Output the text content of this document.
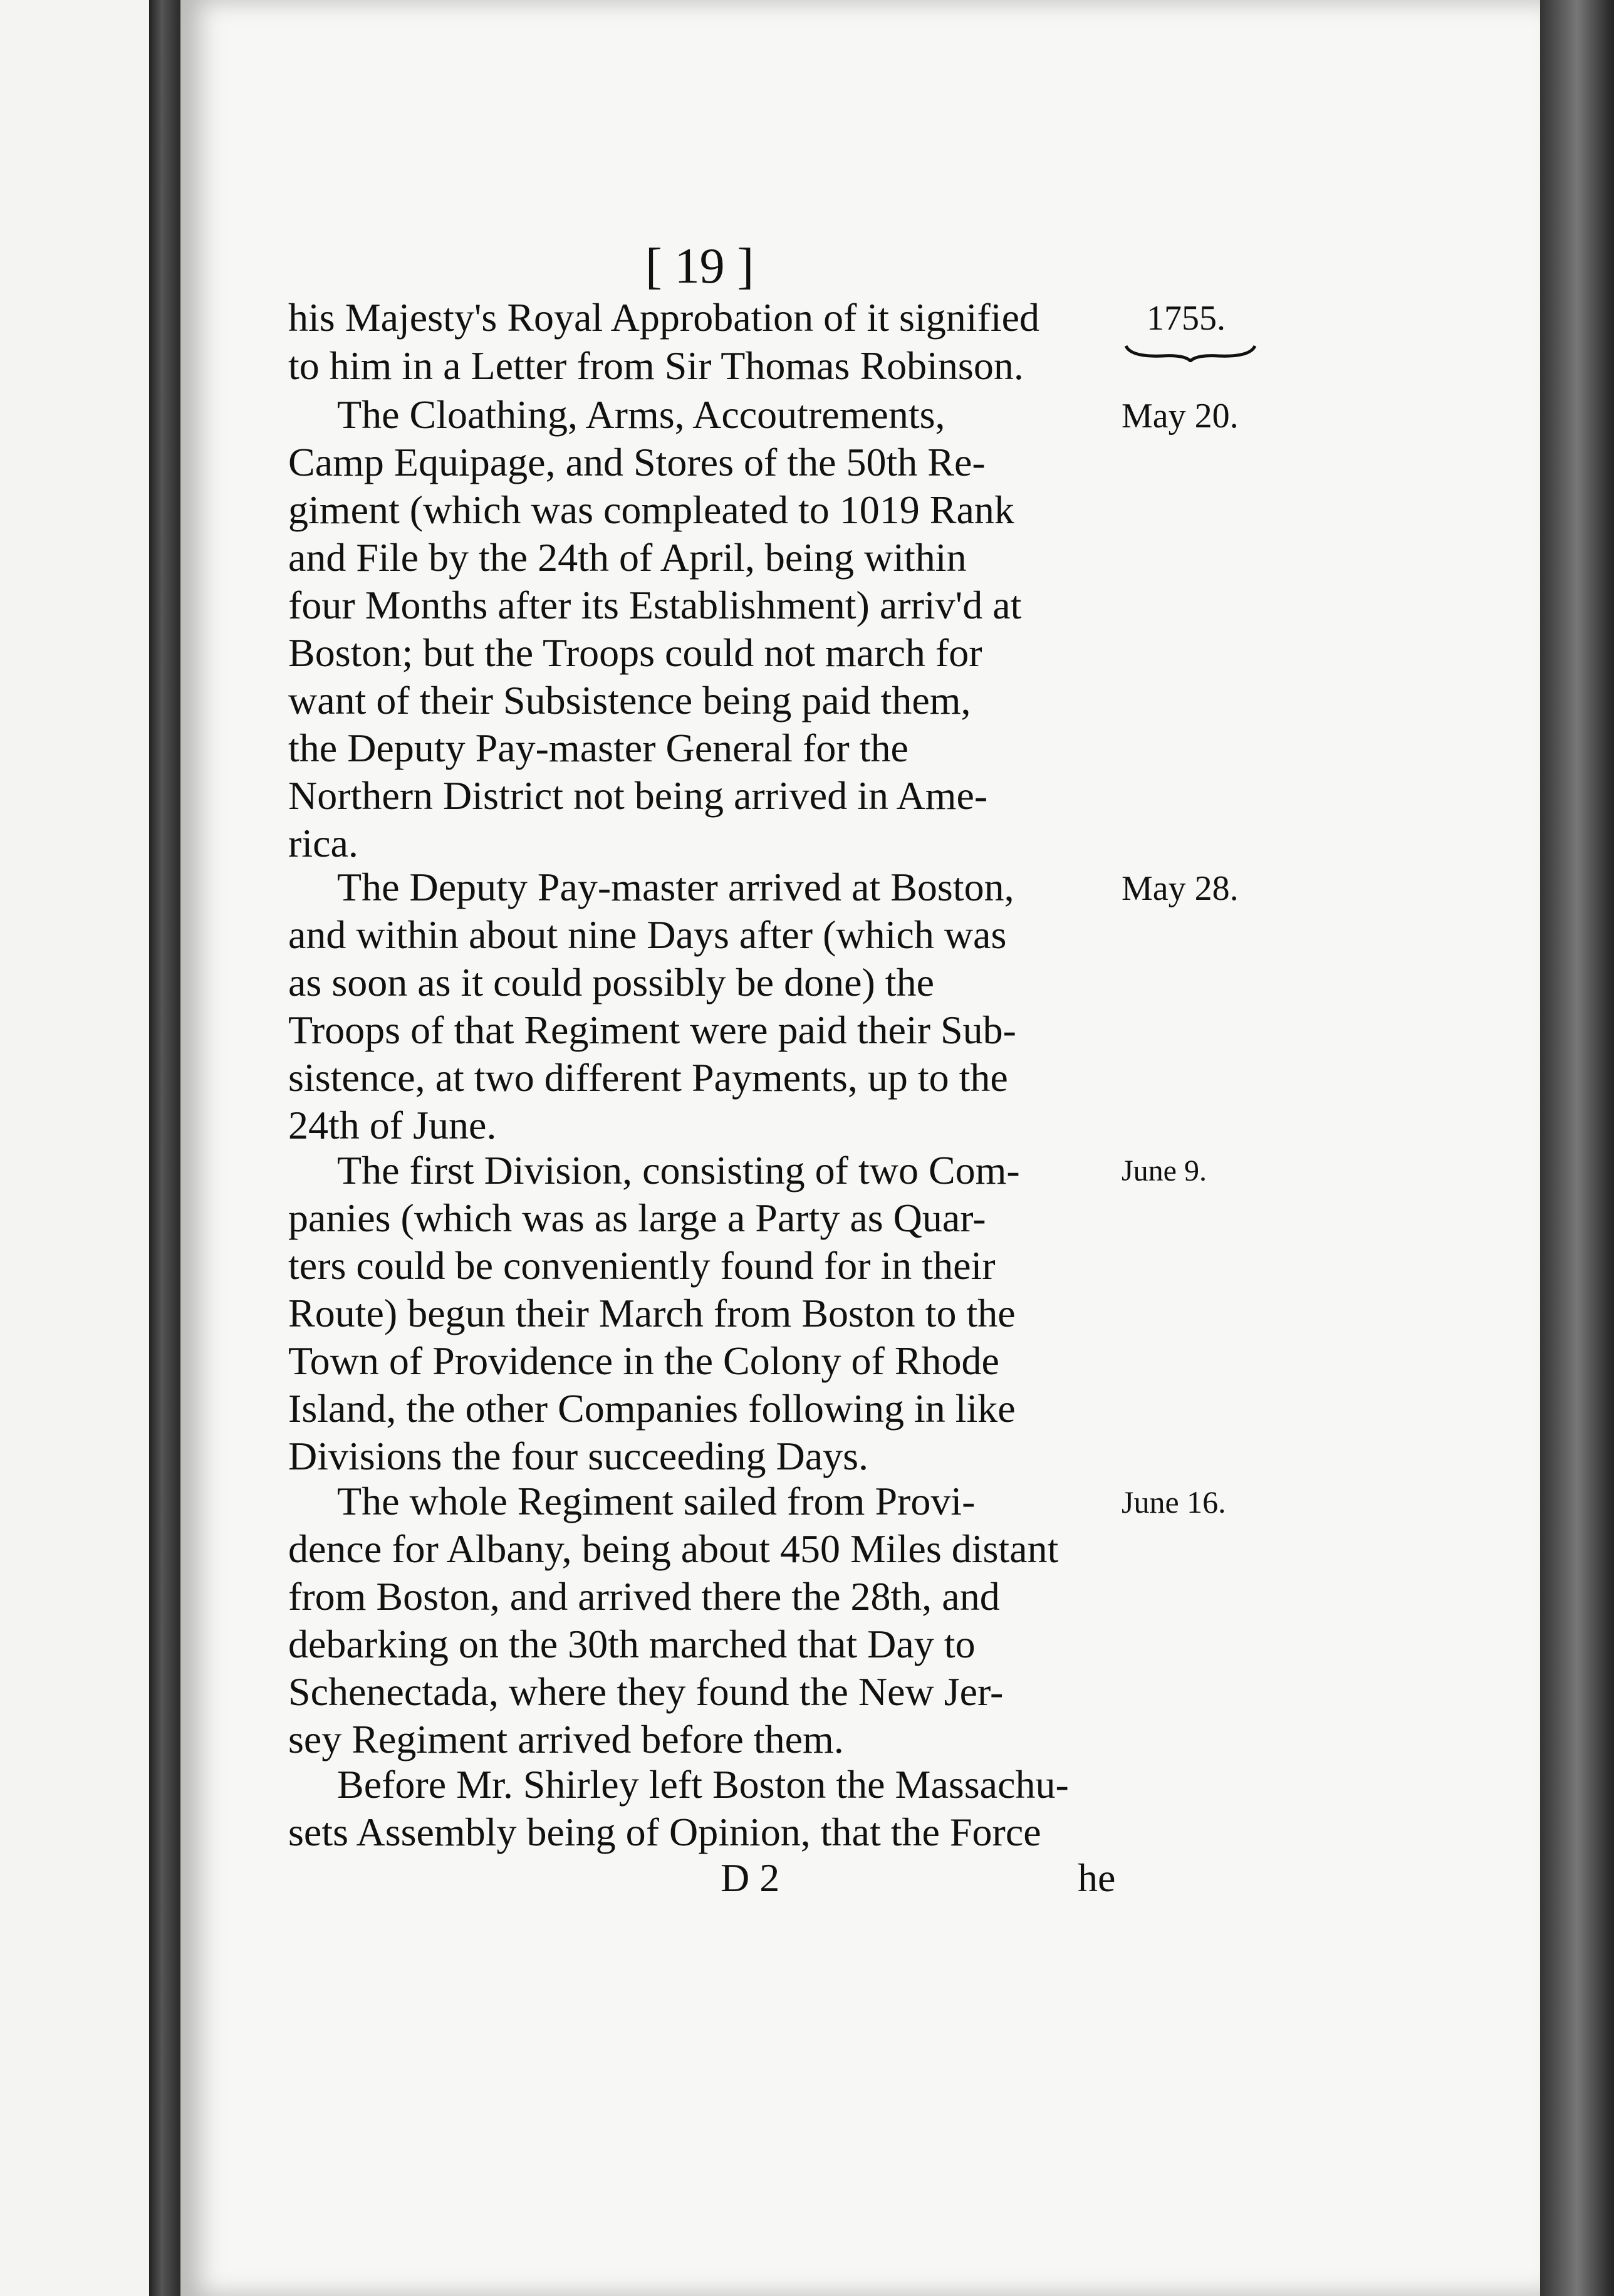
[ 19 ]
his Majesty's Royal Approbation of it signified
to him in a Letter from Sir Thomas Robinson.
The Cloathing, Arms, Accoutrements,
Camp Equipage, and Stores of the 50th Re-
giment (which was compleated to 1019 Rank
and File by the 24th of April, being within
four Months after its Establishment) arriv'd at
Boston; but the Troops could not march for
want of their Subsistence being paid them,
the Deputy Pay-master General for the
Northern District not being arrived in Ame-
rica.
The Deputy Pay-master arrived at Boston,
and within about nine Days after (which was
as soon as it could possibly be done) the
Troops of that Regiment were paid their Sub-
sistence, at two different Payments, up to the
24th of June.
The first Division, consisting of two Com-
panies (which was as large a Party as Quar-
ters could be conveniently found for in their
Route) begun their March from Boston to the
Town of Providence in the Colony of Rhode
Island, the other Companies following in like
Divisions the four succeeding Days.
The whole Regiment sailed from Provi-
dence for Albany, being about 450 Miles distant
from Boston, and arrived there the 28th, and
debarking on the 30th marched that Day to
Schenectada, where they found the New Jer-
sey Regiment arrived before them.
Before Mr. Shirley left Boston the Massachu-
sets Assembly being of Opinion, that the Force
1755.
May 20.
May 28.
June 9.
June 16.
D 2	he
